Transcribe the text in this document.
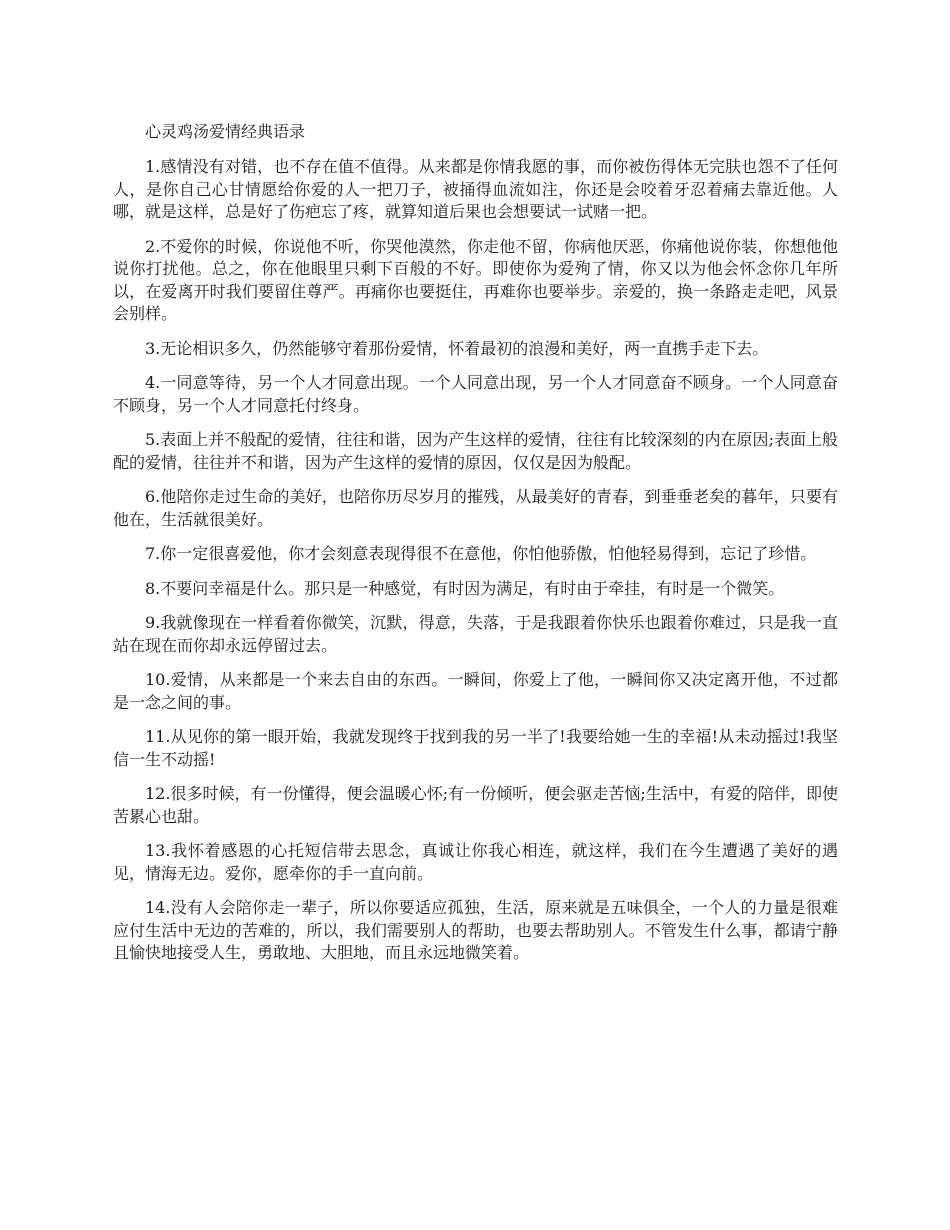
心灵鸡汤爱情经典语录

1.感情没有对错，也不存在值不值得。从来都是你情我愿的事，而你被伤得体无完肤也怨不了任何人，是你自己心甘情愿给你爱的人一把刀子，被捅得血流如注，你还是会咬着牙忍着痛去靠近他。人哪，就是这样，总是好了伤疤忘了疼，就算知道后果也会想要试一试赌一把。

2.不爱你的时候，你说他不听，你哭他漠然，你走他不留，你病他厌恶，你痛他说你装，你想他他说你打扰他。总之，你在他眼里只剩下百般的不好。即使你为爱殉了情，你又以为他会怀念你几年所以，在爱离开时我们要留住尊严。再痛你也要挺住，再难你也要举步。亲爱的，换一条路走走吧，风景会别样。

3.无论相识多久，仍然能够守着那份爱情，怀着最初的浪漫和美好，两一直携手走下去。

4.一同意等待，另一个人才同意出现。一个人同意出现，另一个人才同意奋不顾身。一个人同意奋不顾身，另一个人才同意托付终身。

5.表面上并不般配的爱情，往往和谐，因为产生这样的爱情，往往有比较深刻的内在原因;表面上般配的爱情，往往并不和谐，因为产生这样的爱情的原因，仅仅是因为般配。

6.他陪你走过生命的美好，也陪你历尽岁月的摧残，从最美好的青春，到垂垂老矣的暮年，只要有他在，生活就很美好。

7.你一定很喜爱他，你才会刻意表现得很不在意他，你怕他骄傲，怕他轻易得到，忘记了珍惜。

8.不要问幸福是什么。那只是一种感觉，有时因为满足，有时由于牵挂，有时是一个微笑。

9.我就像现在一样看着你微笑，沉默，得意，失落，于是我跟着你快乐也跟着你难过，只是我一直站在现在而你却永远停留过去。

10.爱情，从来都是一个来去自由的东西。一瞬间，你爱上了他，一瞬间你又决定离开他，不过都是一念之间的事。

11.从见你的第一眼开始，我就发现终于找到我的另一半了!我要给她一生的幸福!从未动摇过!我坚信一生不动摇!

12.很多时候，有一份懂得，便会温暖心怀;有一份倾听，便会驱走苦恼;生活中，有爱的陪伴，即使苦累心也甜。

13.我怀着感恩的心托短信带去思念，真诚让你我心相连，就这样，我们在今生遭遇了美好的遇见，情海无边。爱你，愿牵你的手一直向前。

14.没有人会陪你走一辈子，所以你要适应孤独，生活，原来就是五味俱全，一个人的力量是很难应付生活中无边的苦难的，所以，我们需要别人的帮助，也要去帮助别人。不管发生什么事，都请宁静且愉快地接受人生，勇敢地、大胆地，而且永远地微笑着。
